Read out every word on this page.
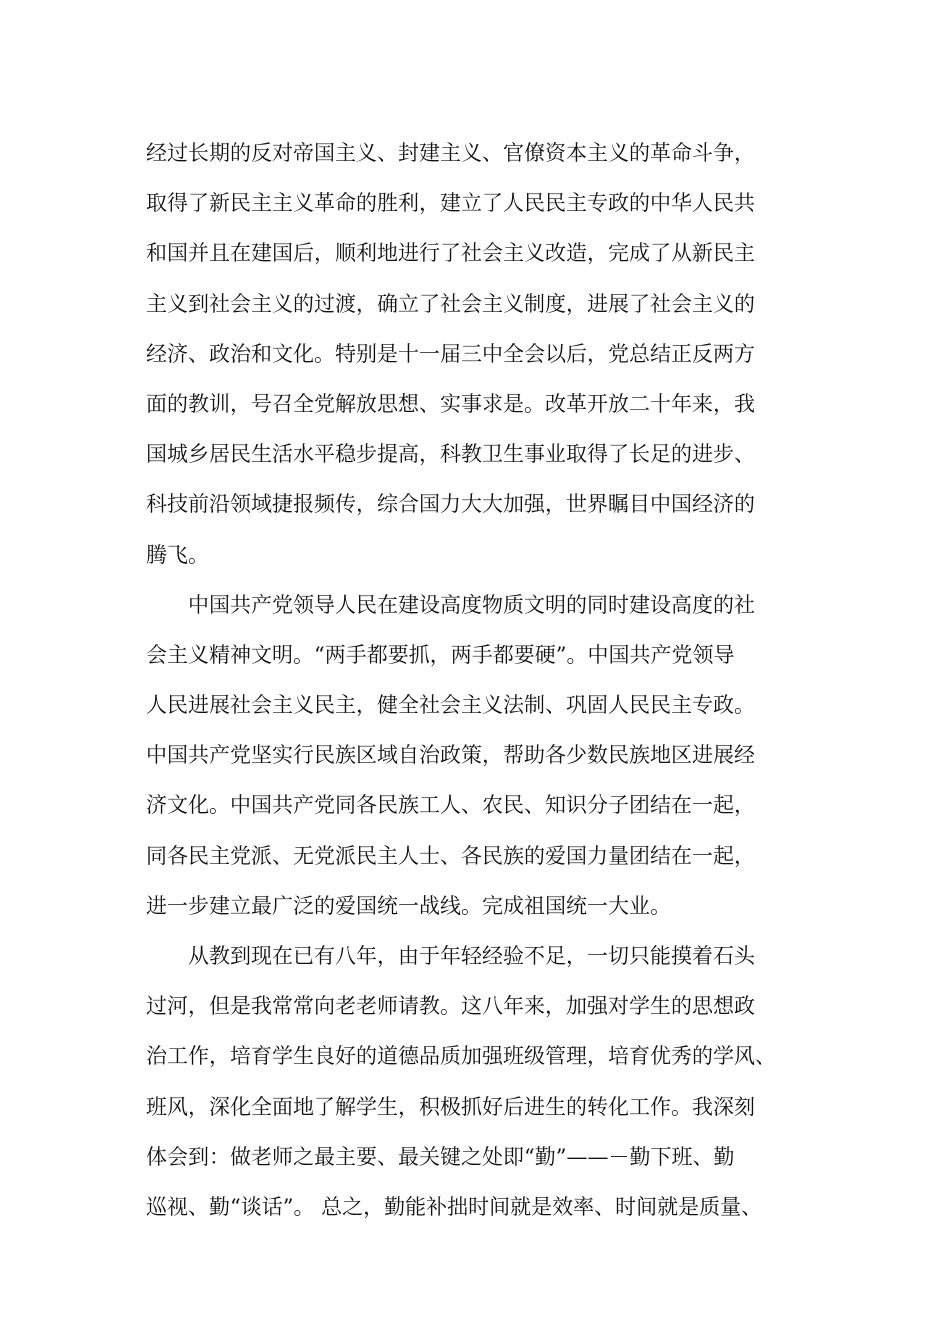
经过长期的反对帝国主义、封建主义、官僚资本主义的革命斗争，
取得了新民主主义革命的胜利，建立了人民民主专政的中华人民共
和国并且在建国后，顺利地进行了社会主义改造，完成了从新民主
主义到社会主义的过渡，确立了社会主义制度，进展了社会主义的
经济、政治和文化。特别是十一届三中全会以后，党总结正反两方
面的教训，号召全党解放思想、实事求是。改革开放二十年来，我
国城乡居民生活水平稳步提高，科教卫生事业取得了长足的进步、
科技前沿领域捷报频传，综合国力大大加强，世界瞩目中国经济的
腾飞。
中国共产党领导人民在建设高度物质文明的同时建设高度的社
会主义精神文明。“两手都要抓，两手都要硬”。中国共产党领导
人民进展社会主义民主，健全社会主义法制、巩固人民民主专政。
中国共产党坚实行民族区域自治政策，帮助各少数民族地区进展经
济文化。中国共产党同各民族工人、农民、知识分子团结在一起，
同各民主党派、无党派民主人士、各民族的爱国力量团结在一起，
进一步建立最广泛的爱国统一战线。完成祖国统一大业。
从教到现在已有八年，由于年轻经验不足，一切只能摸着石头
过河，但是我常常向老老师请教。这八年来，加强对学生的思想政
治工作，培育学生良好的道德品质加强班级管理，培育优秀的学风、
班风，深化全面地了解学生，积极抓好后进生的转化工作。我深刻
体会到：做老师之最主要、最关键之处即“勤”——－勤下班、勤
巡视、勤“谈话”。 总之，勤能补拙时间就是效率、时间就是质量、
